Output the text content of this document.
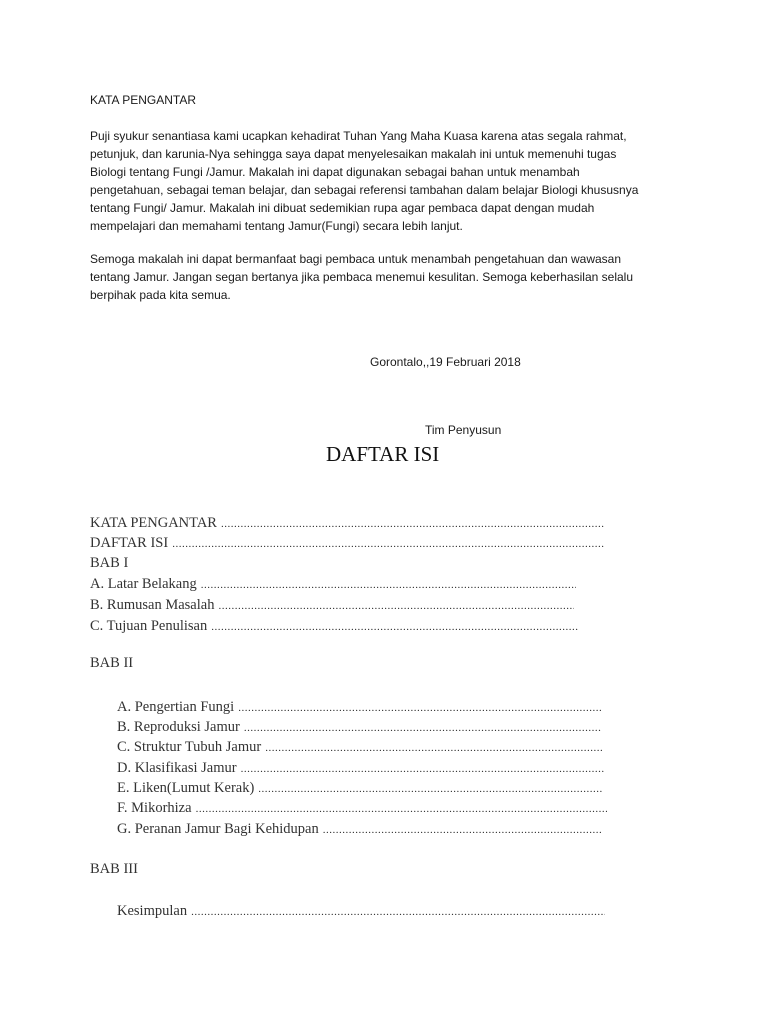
KATA PENGANTAR
Puji syukur senantiasa kami ucapkan kehadirat Tuhan Yang Maha Kuasa karena atas segala rahmat,
petunjuk, dan karunia-Nya sehingga saya dapat menyelesaikan makalah ini untuk memenuhi tugas
Biologi tentang Fungi /Jamur. Makalah ini dapat digunakan sebagai bahan untuk menambah
pengetahuan, sebagai teman belajar, dan sebagai referensi tambahan dalam belajar Biologi khususnya
tentang Fungi/ Jamur. Makalah ini dibuat sedemikian rupa agar pembaca dapat dengan mudah
mempelajari dan memahami tentang Jamur(Fungi) secara lebih lanjut.
Semoga makalah ini dapat bermanfaat bagi pembaca untuk menambah pengetahuan dan wawasan
tentang Jamur. Jangan segan bertanya jika pembaca menemui kesulitan. Semoga keberhasilan selalu
berpihak pada kita semua.
Gorontalo,,19 Februari 2018
Tim Penyusun
DAFTAR ISI
KATA PENGANTAR
.....
DAFTAR ISI
.....
BAB I
A. Latar Belakang
.....
B. Rumusan Masalah
.....
C. Tujuan Penulisan
.....
BAB II
A. Pengertian Fungi
.....
B. Reproduksi Jamur
.....
C. Struktur Tubuh Jamur
.....
D. Klasifikasi Jamur
.....
E. Liken(Lumut Kerak)
.....
F. Mikorhiza
.....
G. Peranan Jamur Bagi Kehidupan
.....
BAB III
Kesimpulan
.....
